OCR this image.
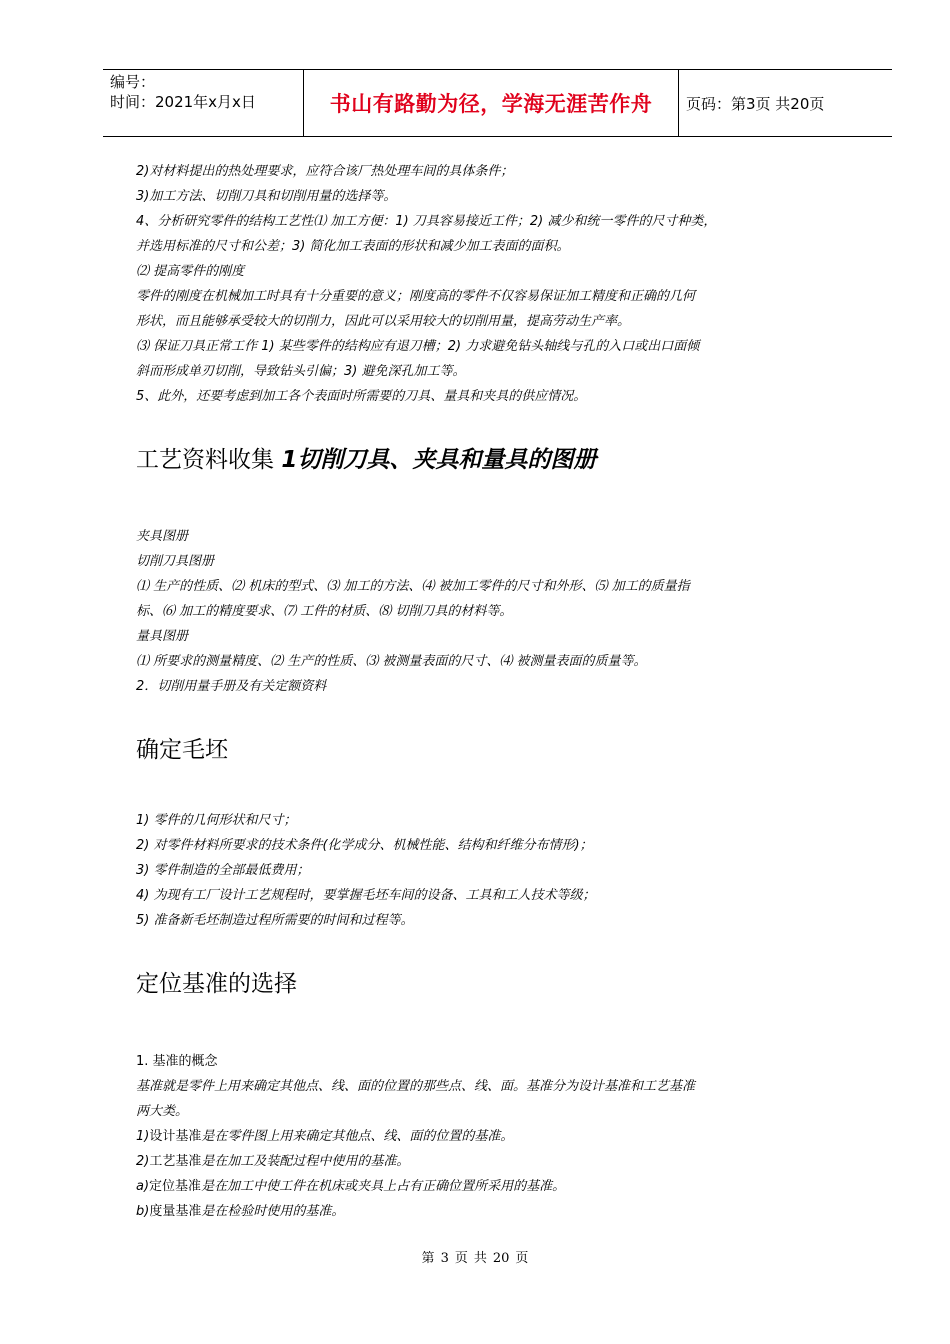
编号：
时间：2021年x月x日	书山有路勤为径，学海无涯苦作舟 页码：第3页 共20页
2)对材料提出的热处理要求，应符合该厂热处理车间的具体条件；
3)加工方法、切削刀具和切削用量的选择等。
4、分析研究零件的结构工艺性⑴ 加工方便：1) 刀具容易接近工件；2) 减少和统一零件的尺寸种类，
并选用标准的尺寸和公差；3) 简化加工表面的形状和减少加工表面的面积。
⑵ 提高零件的刚度
零件的刚度在机械加工时具有十分重要的意义；刚度高的零件不仅容易保证加工精度和正确的几何
形状，而且能够承受较大的切削力，因此可以采用较大的切削用量，提高劳动生产率。
⑶ 保证刀具正常工作 1) 某些零件的结构应有退刀槽；2) 力求避免钻头轴线与孔的入口或出口面倾
斜而形成单刃切削，导致钻头引偏；3) 避免深孔加工等。
5、此外，还要考虑到加工各个表面时所需要的刀具、量具和夹具的供应情况。
工艺资料收集 1切削刀具、夹具和量具的图册
夹具图册
切削刀具图册
⑴ 生产的性质、⑵ 机床的型式、⑶ 加工的方法、⑷ 被加工零件的尺寸和外形、⑸ 加工的质量指
标、⑹ 加工的精度要求、⑺ 工件的材质、⑻ 切削刀具的材料等。
量具图册
⑴ 所要求的测量精度、⑵ 生产的性质、⑶ 被测量表面的尺寸、⑷ 被测量表面的质量等。
2．切削用量手册及有关定额资料
确定毛坯
1) 零件的几何形状和尺寸；
2) 对零件材料所要求的技术条件(化学成分、机械性能、结构和纤维分布情形)；
3) 零件制造的全部最低费用；
4) 为现有工厂设计工艺规程时，要掌握毛坯车间的设备、工具和工人技术等级；
5) 准备新毛坯制造过程所需要的时间和过程等。
定位基准的选择
1. 基准的概念
基准就是零件上用来确定其他点、线、面的位置的那些点、线、面。基准分为设计基准和工艺基准
两大类。
1)设计基准是在零件图上用来确定其他点、线、面的位置的基准。
2)工艺基准是在加工及装配过程中使用的基准。
a)定位基准是在加工中使工件在机床或夹具上占有正确位置所采用的基准。
b)度量基准是在检验时使用的基准。
第 3 页 共 20 页
